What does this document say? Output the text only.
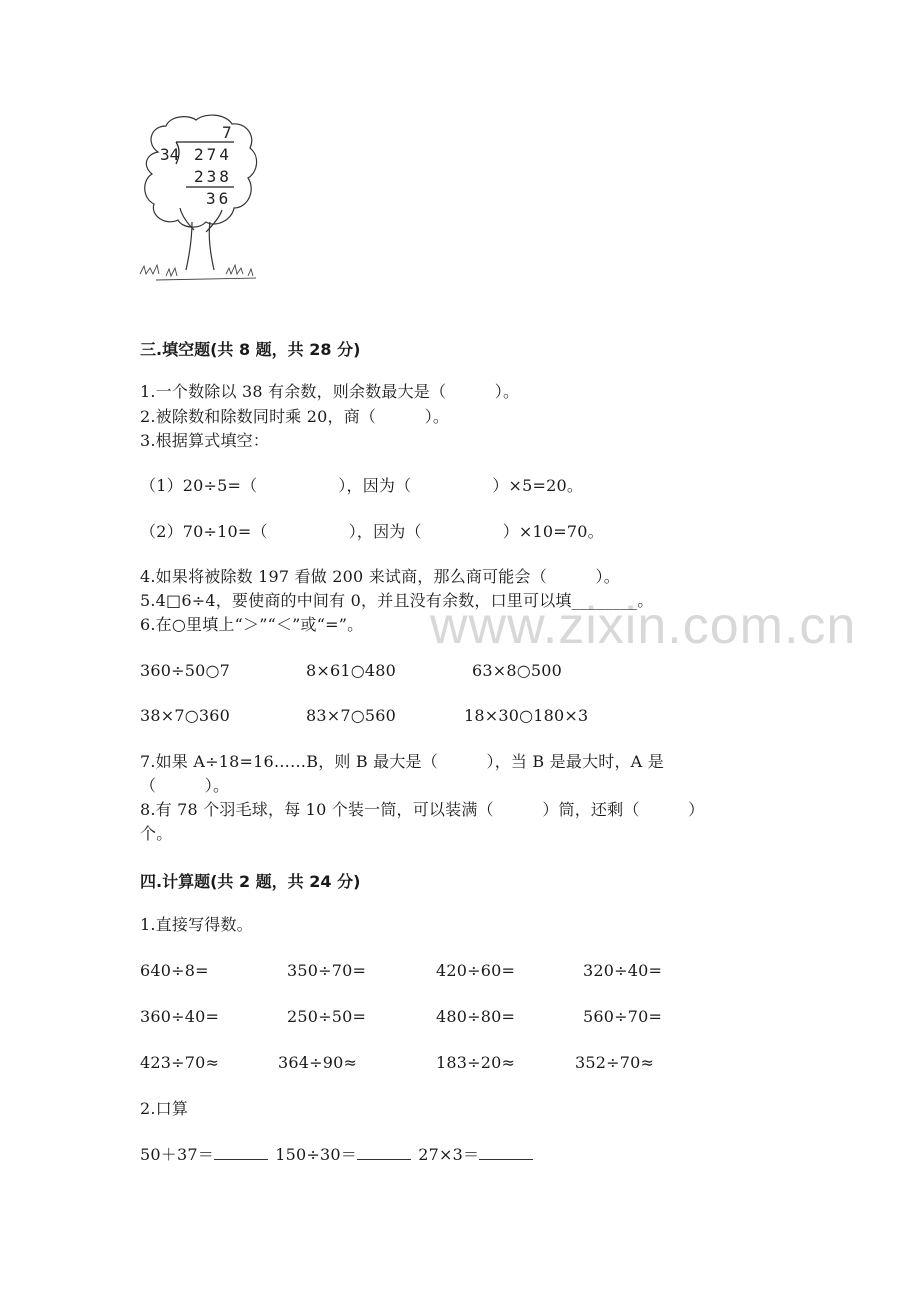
7
34 274
238
36
www.zixin.com.cn
三.填空题(共 8 题，共 28 分)
1.一个数除以 38 有余数，则余数最大是（　　　）。
2.被除数和除数同时乘 20，商（　　　）。
3.根据算式填空：
（1）20÷5=（　　　　　），因为（　　　　　）×5=20。
（2）70÷10=（　　　　　），因为（　　　　　）×10=70。
4.如果将被除数 197 看做 200 来试商，那么商可能会（　　　）。
5.4□6÷4，要使商的中间有 0，并且没有余数，口里可以填________。
6.在○里填上“＞”“＜”或“=”。
360÷50○7	8×61○480	63×8○500
38×7○360	83×7○560	18×30○180×3
7.如果 A÷18=16……B，则 B 最大是（　　　），当 B 是最大时，A 是
（　　　）。
8.有 78 个羽毛球，每 10 个装一筒，可以装满（　　　）筒，还剩（　　　）
个。
四.计算题(共 2 题，共 24 分)
1.直接写得数。
640÷8=	350÷70=	420÷60=	320÷40=
360÷40=	250÷50=	480÷80=	560÷70=
423÷70≈	364÷90≈	183÷20≈	352÷70≈
2.口算
50＋37＝	150÷30＝	27×3＝
